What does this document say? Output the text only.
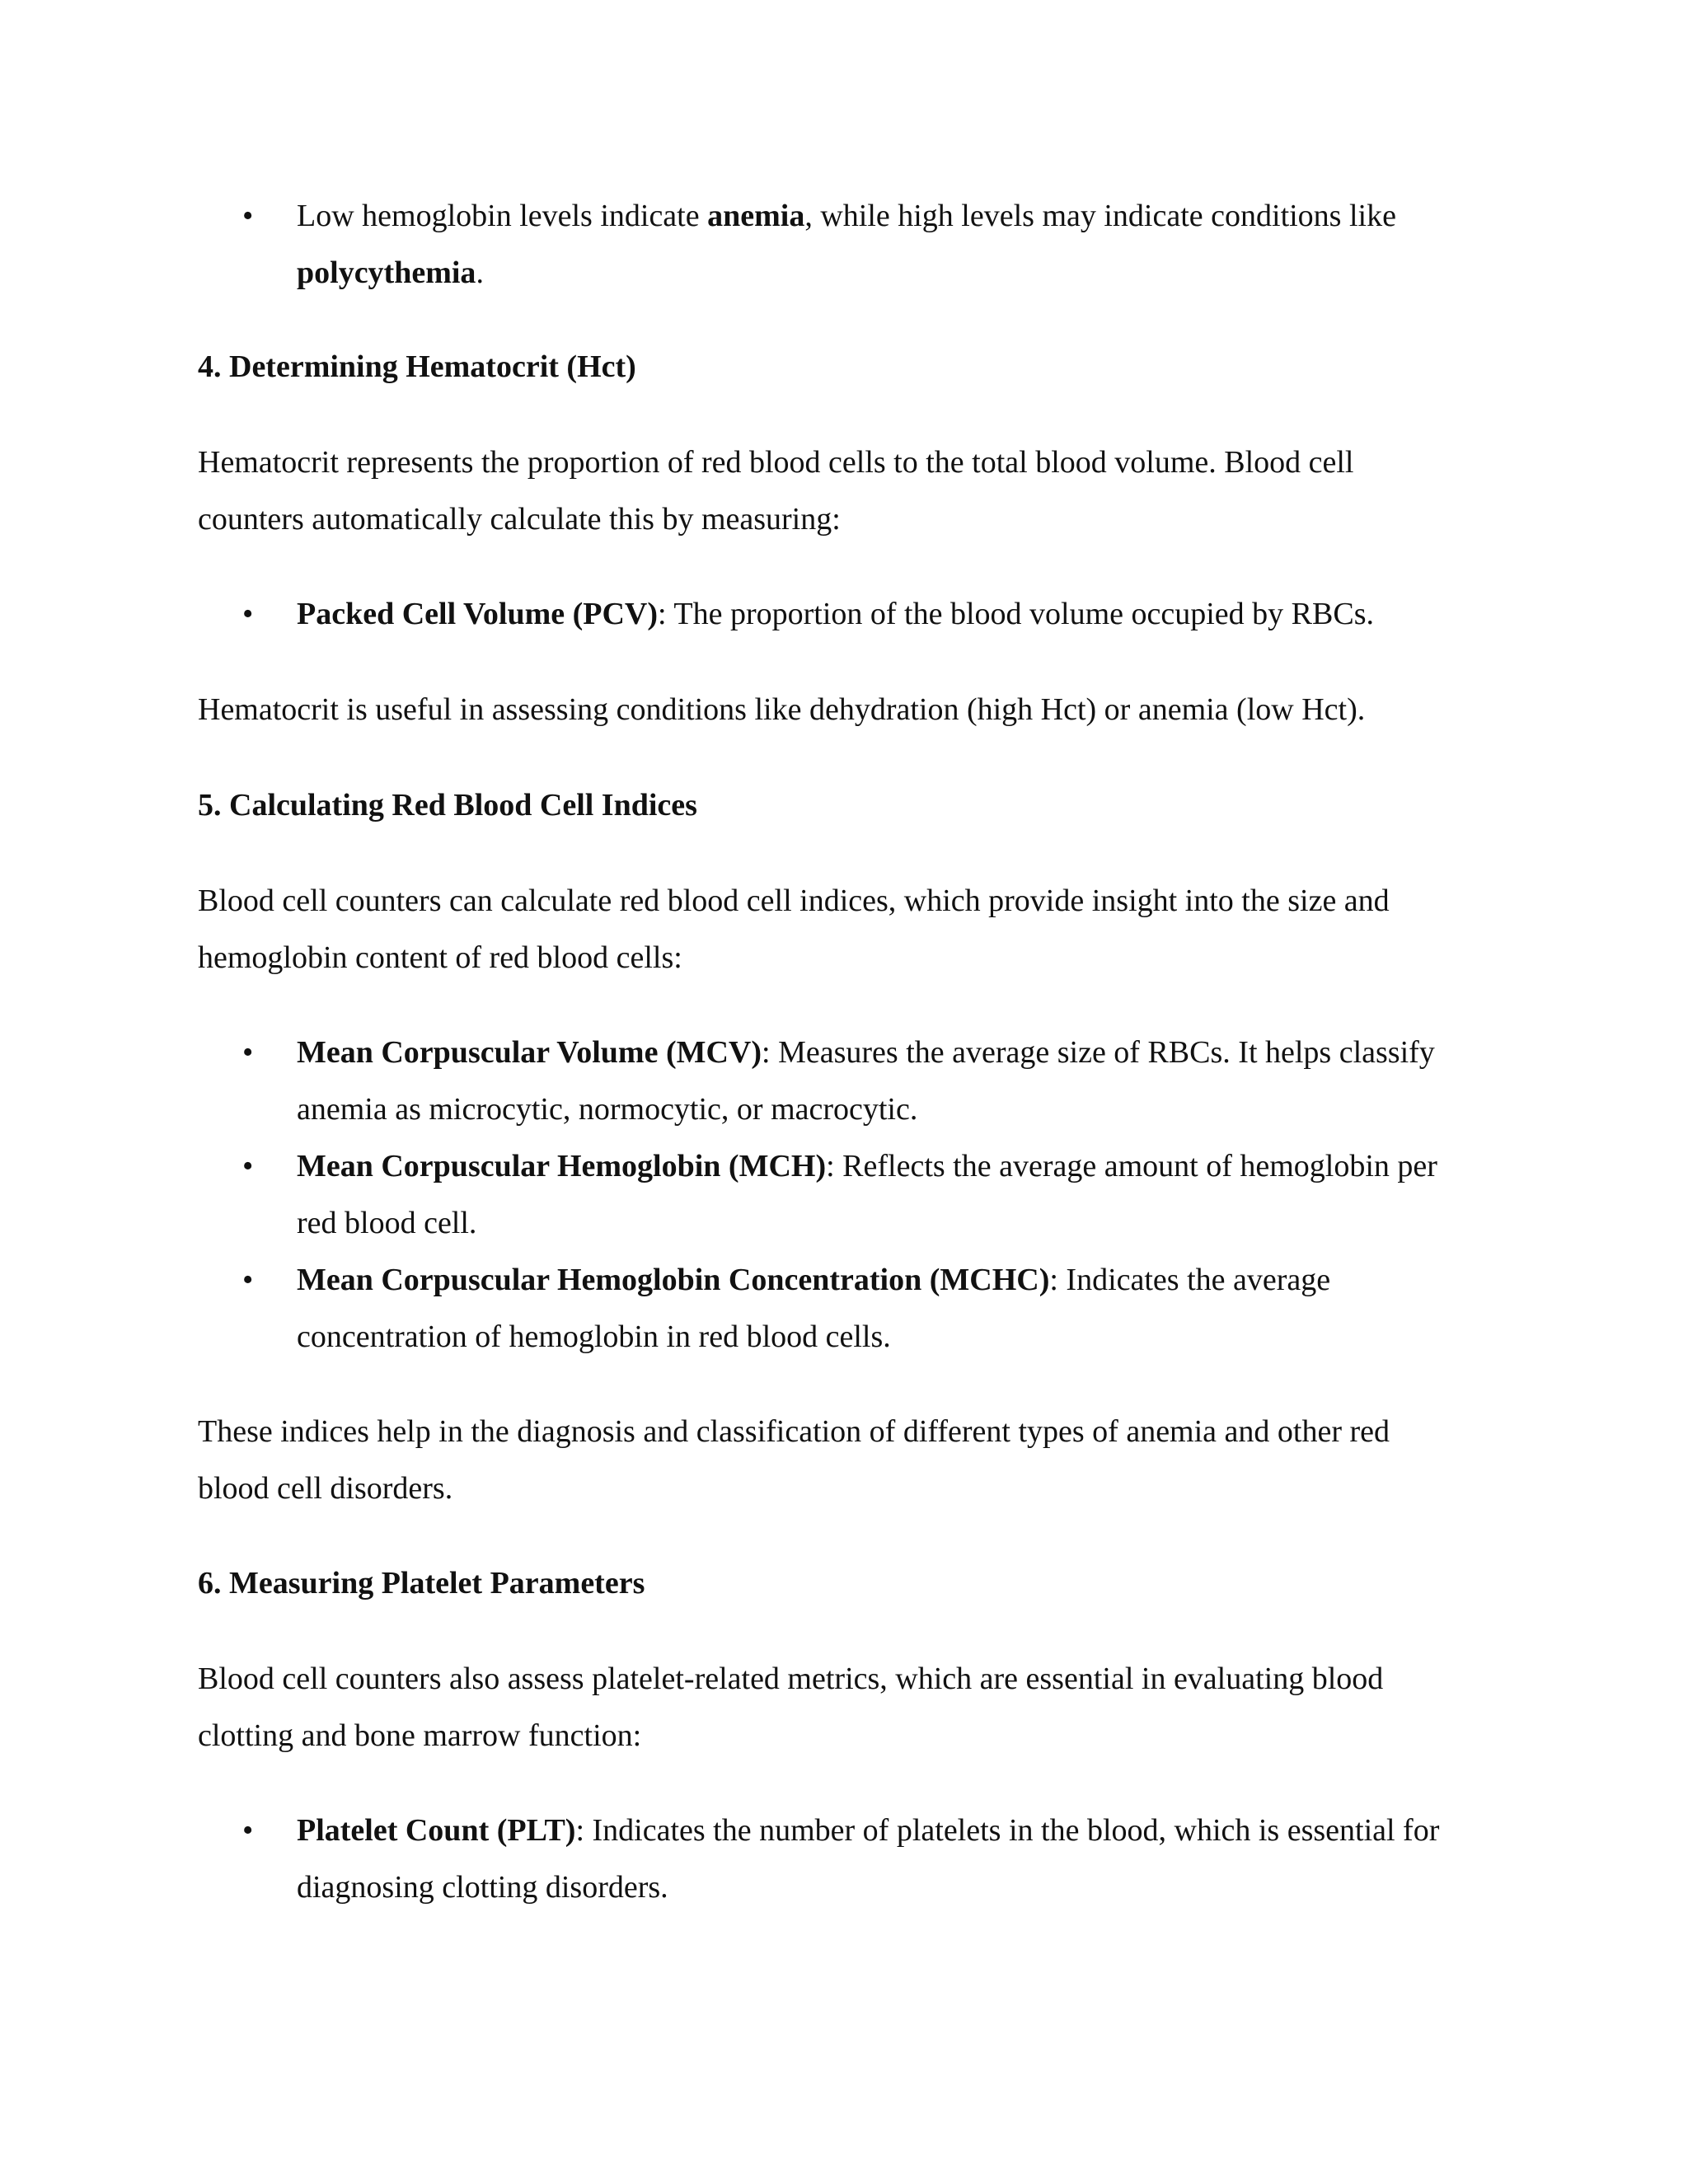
• Low hemoglobin levels indicate anemia, while high levels may indicate conditions like polycythemia.

4. Determining Hematocrit (Hct)

Hematocrit represents the proportion of red blood cells to the total blood volume. Blood cell counters automatically calculate this by measuring:

• Packed Cell Volume (PCV): The proportion of the blood volume occupied by RBCs.

Hematocrit is useful in assessing conditions like dehydration (high Hct) or anemia (low Hct).

5. Calculating Red Blood Cell Indices

Blood cell counters can calculate red blood cell indices, which provide insight into the size and hemoglobin content of red blood cells:

• Mean Corpuscular Volume (MCV): Measures the average size of RBCs. It helps classify anemia as microcytic, normocytic, or macrocytic.

• Mean Corpuscular Hemoglobin (MCH): Reflects the average amount of hemoglobin per red blood cell.

• Mean Corpuscular Hemoglobin Concentration (MCHC): Indicates the average concentration of hemoglobin in red blood cells.

These indices help in the diagnosis and classification of different types of anemia and other red blood cell disorders.

6. Measuring Platelet Parameters

Blood cell counters also assess platelet-related metrics, which are essential in evaluating blood clotting and bone marrow function:

• Platelet Count (PLT): Indicates the number of platelets in the blood, which is essential for diagnosing clotting disorders.
